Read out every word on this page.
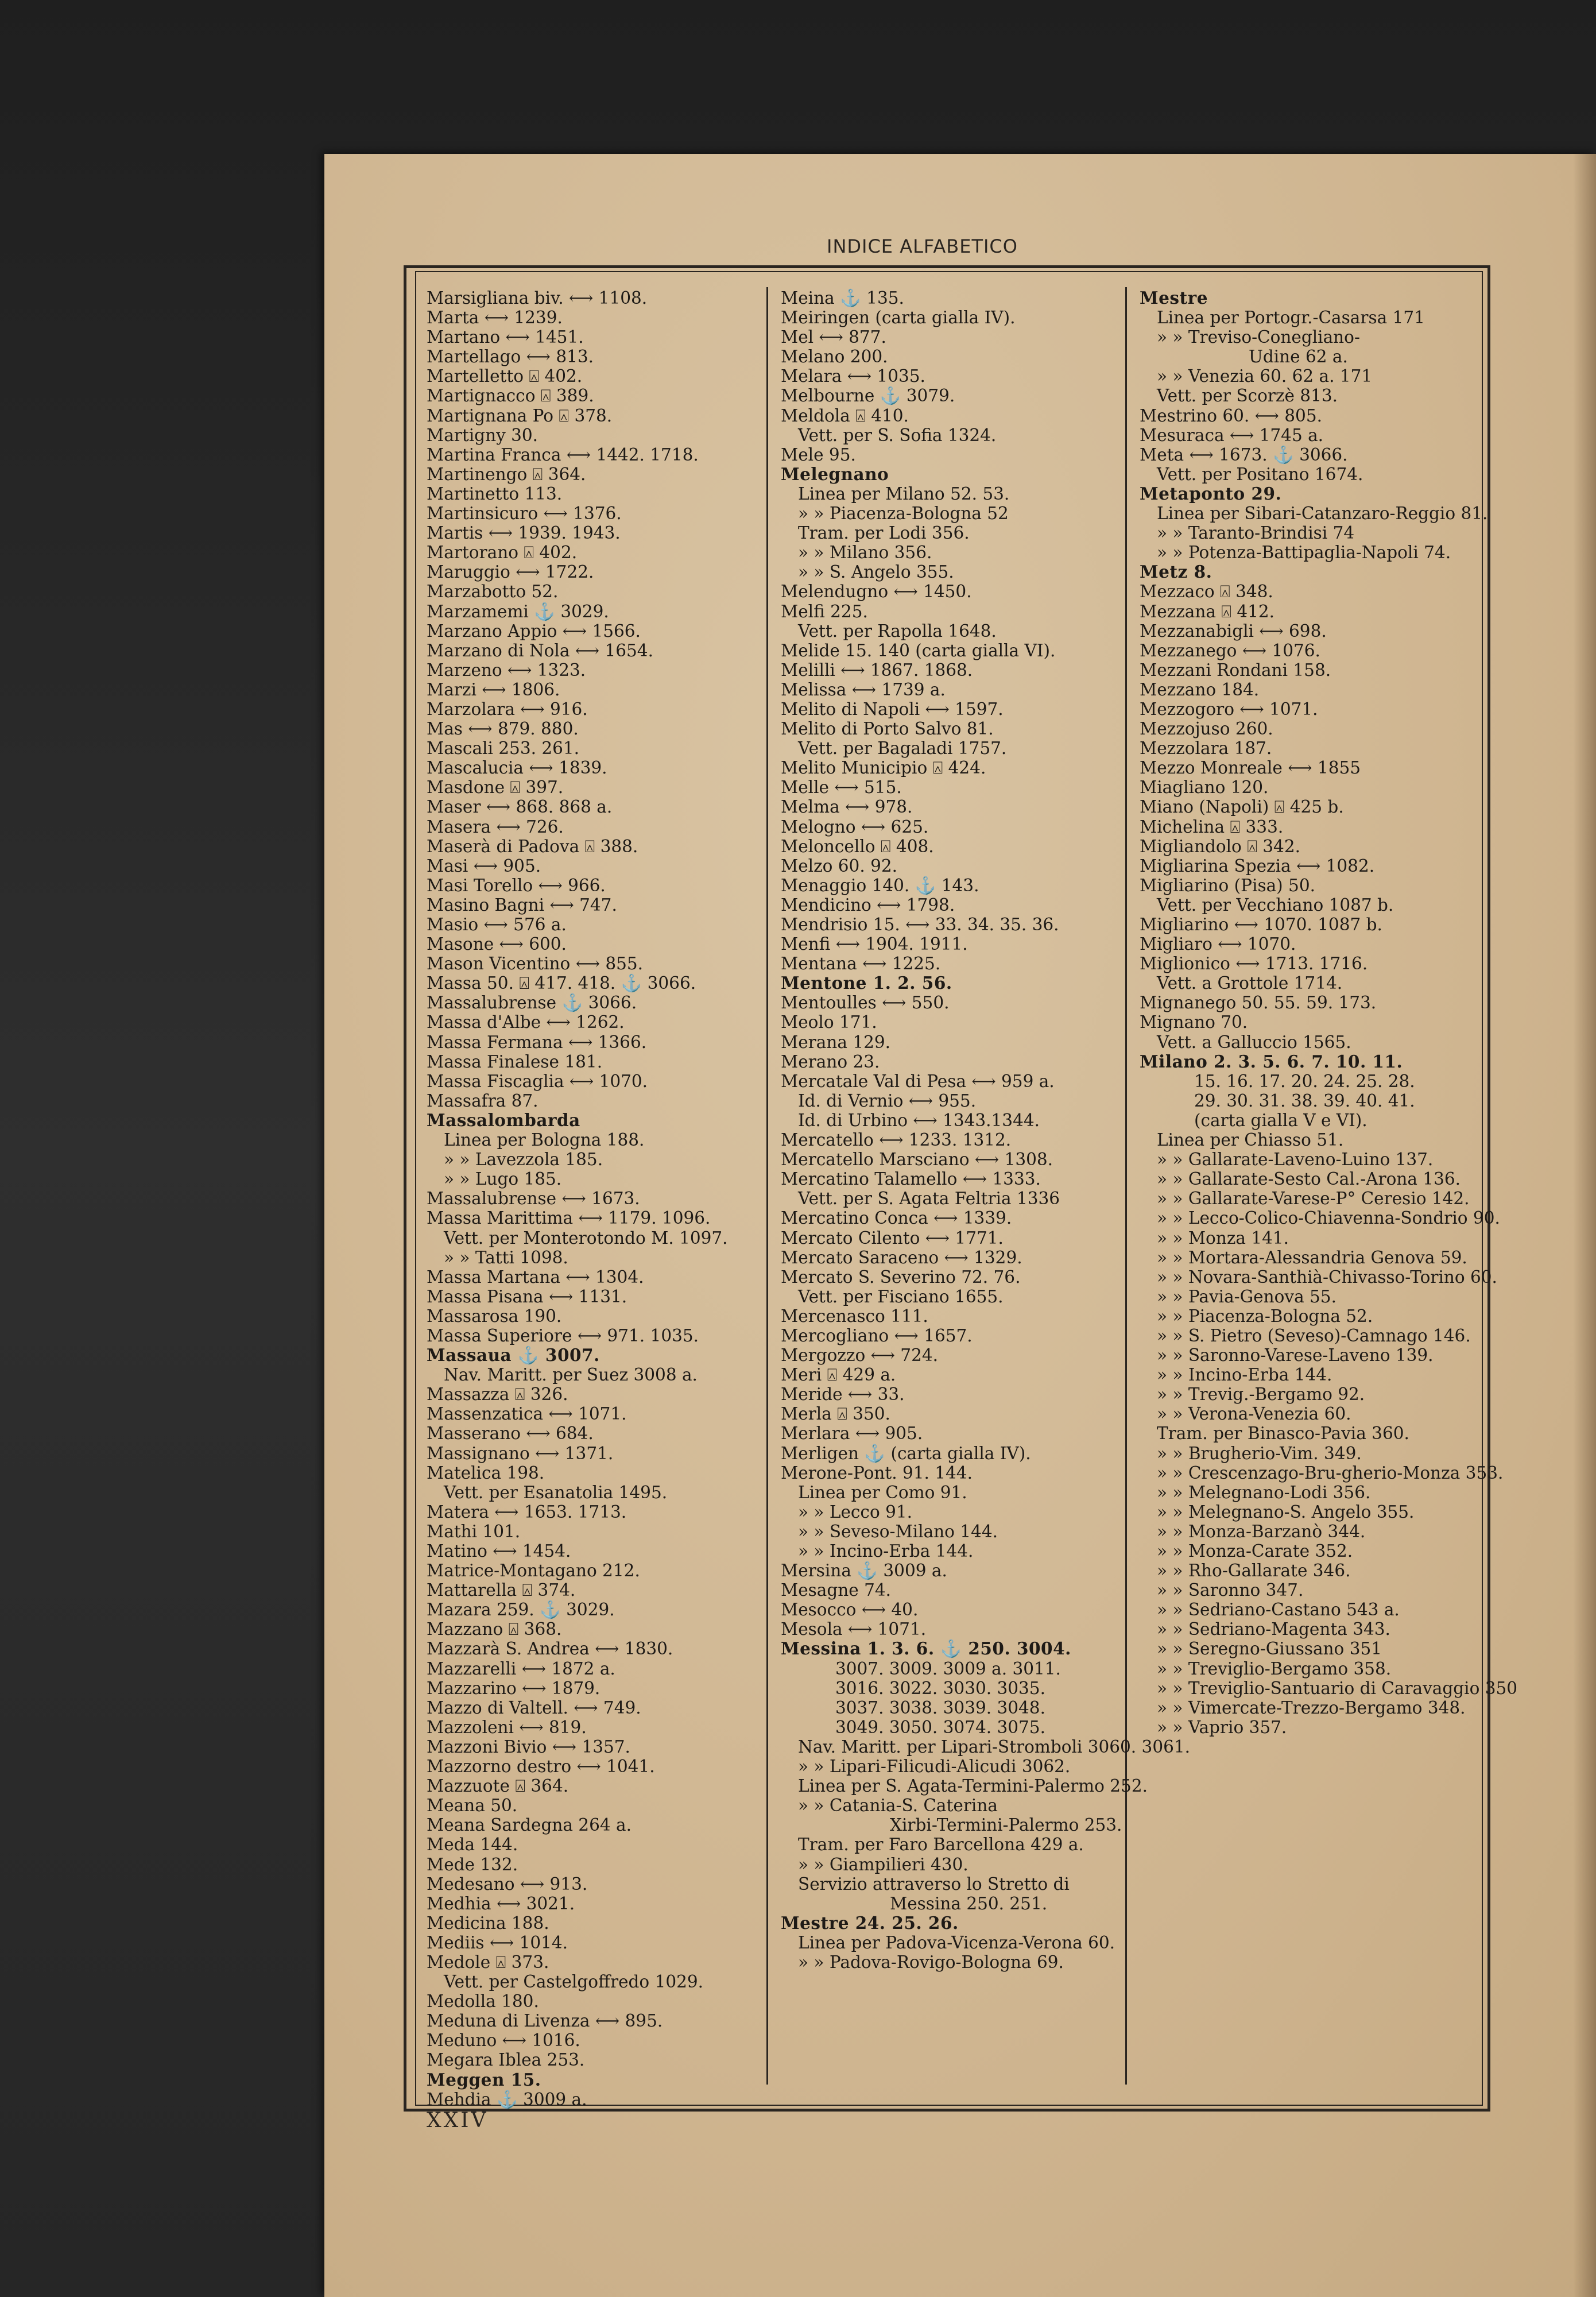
INDICE ALFABETICO
Marsigliana biv. ⟷ 1108.
Marta ⟷ 1239.
Martano ⟷ 1451.
Martellago ⟷ 813.
Martelletto ⍓ 402.
Martignacco ⍓ 389.
Martignana Po ⍓ 378.
Martigny 30.
Martina Franca ⟷ 1442. 1718.
Martinengo ⍓ 364.
Martinetto 113.
Martinsicuro ⟷ 1376.
Martis ⟷ 1939. 1943.
Martorano ⍓ 402.
Maruggio ⟷ 1722.
Marzabotto 52.
Marzamemi ⚓ 3029.
Marzano Appio ⟷ 1566.
Marzano di Nola ⟷ 1654.
Marzeno ⟷ 1323.
Marzi ⟷ 1806.
Marzolara ⟷ 916.
Mas ⟷ 879. 880.
Mascali 253. 261.
Mascalucia ⟷ 1839.
Masdone ⍓ 397.
Maser ⟷ 868. 868 a.
Masera ⟷ 726.
Maserà di Padova ⍓ 388.
Masi ⟷ 905.
Masi Torello ⟷ 966.
Masino Bagni ⟷ 747.
Masio ⟷ 576 a.
Masone ⟷ 600.
Mason Vicentino ⟷ 855.
Massa 50. ⍓ 417. 418. ⚓ 3066.
Massalubrense ⚓ 3066.
Massa d'Albe ⟷ 1262.
Massa Fermana ⟷ 1366.
Massa Finalese 181.
Massa Fiscaglia ⟷ 1070.
Massafra 87.
Massalombarda
Linea per Bologna 188.
» » Lavezzola 185.
» » Lugo 185.
Massalubrense ⟷ 1673.
Massa Marittima ⟷ 1179. 1096.
Vett. per Monterotondo M. 1097.
» » Tatti 1098.
Massa Martana ⟷ 1304.
Massa Pisana ⟷ 1131.
Massarosa 190.
Massa Superiore ⟷ 971. 1035.
Massaua ⚓ 3007.
Nav. Maritt. per Suez 3008 a.
Massazza ⍓ 326.
Massenzatica ⟷ 1071.
Masserano ⟷ 684.
Massignano ⟷ 1371.
Matelica 198.
Vett. per Esanatolia 1495.
Matera ⟷ 1653. 1713.
Mathi 101.
Matino ⟷ 1454.
Matrice-Montagano 212.
Mattarella ⍓ 374.
Mazara 259. ⚓ 3029.
Mazzano ⍓ 368.
Mazzarà S. Andrea ⟷ 1830.
Mazzarelli ⟷ 1872 a.
Mazzarino ⟷ 1879.
Mazzo di Valtell. ⟷ 749.
Mazzoleni ⟷ 819.
Mazzoni Bivio ⟷ 1357.
Mazzorno destro ⟷ 1041.
Mazzuote ⍓ 364.
Meana 50.
Meana Sardegna 264 a.
Meda 144.
Mede 132.
Medesano ⟷ 913.
Medhia ⟷ 3021.
Medicina 188.
Mediis ⟷ 1014.
Medole ⍓ 373.
Vett. per Castelgoffredo 1029.
Medolla 180.
Meduna di Livenza ⟷ 895.
Meduno ⟷ 1016.
Megara Iblea 253.
Meggen 15.
Mehdia ⚓ 3009 a.
Meina ⚓ 135.
Meiringen (carta gialla IV).
Mel ⟷ 877.
Melano 200.
Melara ⟷ 1035.
Melbourne ⚓ 3079.
Meldola ⍓ 410.
Vett. per S. Sofia 1324.
Mele 95.
Melegnano
Linea per Milano 52. 53.
» » Piacenza-Bologna 52
Tram. per Lodi 356.
» » Milano 356.
» » S. Angelo 355.
Melendugno ⟷ 1450.
Melfi 225.
Vett. per Rapolla 1648.
Melide 15. 140 (carta gialla VI).
Melilli ⟷ 1867. 1868.
Melissa ⟷ 1739 a.
Melito di Napoli ⟷ 1597.
Melito di Porto Salvo 81.
Vett. per Bagaladi 1757.
Melito Municipio ⍓ 424.
Melle ⟷ 515.
Melma ⟷ 978.
Melogno ⟷ 625.
Meloncello ⍓ 408.
Melzo 60. 92.
Menaggio 140. ⚓ 143.
Mendicino ⟷ 1798.
Mendrisio 15. ⟷ 33. 34. 35. 36.
Menfi ⟷ 1904. 1911.
Mentana ⟷ 1225.
Mentone 1. 2. 56.
Mentoulles ⟷ 550.
Meolo 171.
Merana 129.
Merano 23.
Mercatale Val di Pesa ⟷ 959 a.
Id. di Vernio ⟷ 955.
Id. di Urbino ⟷ 1343.1344.
Mercatello ⟷ 1233. 1312.
Mercatello Marsciano ⟷ 1308.
Mercatino Talamello ⟷ 1333.
Vett. per S. Agata Feltria 1336
Mercatino Conca ⟷ 1339.
Mercato Cilento ⟷ 1771.
Mercato Saraceno ⟷ 1329.
Mercato S. Severino 72. 76.
Vett. per Fisciano 1655.
Mercenasco 111.
Mercogliano ⟷ 1657.
Mergozzo ⟷ 724.
Meri ⍓ 429 a.
Meride ⟷ 33.
Merla ⍓ 350.
Merlara ⟷ 905.
Merligen ⚓ (carta gialla IV).
Merone-Pont. 91. 144.
Linea per Como 91.
» » Lecco 91.
» » Seveso-Milano 144.
» » Incino-Erba 144.
Mersina ⚓ 3009 a.
Mesagne 74.
Mesocco ⟷ 40.
Mesola ⟷ 1071.
Messina 1. 3. 6. ⚓ 250. 3004.
3007. 3009. 3009 a. 3011.
3016. 3022. 3030. 3035.
3037. 3038. 3039. 3048.
3049. 3050. 3074. 3075.
Nav. Maritt. per Lipari-Stromboli 3060. 3061.
» » Lipari-Filicudi-Alicudi 3062.
Linea per S. Agata-Termini-Palermo 252.
» » Catania-S. Caterina
Xirbi-Termini-Palermo 253.
Tram. per Faro Barcellona 429 a.
» » Giampilieri 430.
Servizio attraverso lo Stretto di
Messina 250. 251.
Mestre 24. 25. 26.
Linea per Padova-Vicenza-Verona 60.
» » Padova-Rovigo-Bologna 69.
Mestre
Linea per Portogr.-Casarsa 171
» » Treviso-Conegliano-
Udine 62 a.
» » Venezia 60. 62 a. 171
Vett. per Scorzè 813.
Mestrino 60. ⟷ 805.
Mesuraca ⟷ 1745 a.
Meta ⟷ 1673. ⚓ 3066.
Vett. per Positano 1674.
Metaponto 29.
Linea per Sibari-Catanzaro-Reggio 81.
» » Taranto-Brindisi 74
» » Potenza-Battipaglia-Napoli 74.
Metz 8.
Mezzaco ⍓ 348.
Mezzana ⍓ 412.
Mezzanabigli ⟷ 698.
Mezzanego ⟷ 1076.
Mezzani Rondani 158.
Mezzano 184.
Mezzogoro ⟷ 1071.
Mezzojuso 260.
Mezzolara 187.
Mezzo Monreale ⟷ 1855
Miagliano 120.
Miano (Napoli) ⍓ 425 b.
Michelina ⍓ 333.
Migliandolo ⍓ 342.
Migliarina Spezia ⟷ 1082.
Migliarino (Pisa) 50.
Vett. per Vecchiano 1087 b.
Migliarino ⟷ 1070. 1087 b.
Migliaro ⟷ 1070.
Miglionico ⟷ 1713. 1716.
Vett. a Grottole 1714.
Mignanego 50. 55. 59. 173.
Mignano 70.
Vett. a Galluccio 1565.
Milano 2. 3. 5. 6. 7. 10. 11.
15. 16. 17. 20. 24. 25. 28.
29. 30. 31. 38. 39. 40. 41.
(carta gialla V e VI).
Linea per Chiasso 51.
» » Gallarate-Laveno-Luino 137.
» » Gallarate-Sesto Cal.-Arona 136.
» » Gallarate-Varese-P° Ceresio 142.
» » Lecco-Colico-Chiavenna-Sondrio 90.
» » Monza 141.
» » Mortara-Alessandria Genova 59.
» » Novara-Santhià-Chivasso-Torino 60.
» » Pavia-Genova 55.
» » Piacenza-Bologna 52.
» » S. Pietro (Seveso)-Camnago 146.
» » Saronno-Varese-Laveno 139.
» » Incino-Erba 144.
» » Trevig.-Bergamo 92.
» » Verona-Venezia 60.
Tram. per Binasco-Pavia 360.
» » Brugherio-Vim. 349.
» » Crescenzago-Bru-gherio-Monza 353.
» » Melegnano-Lodi 356.
» » Melegnano-S. Angelo 355.
» » Monza-Barzanò 344.
» » Monza-Carate 352.
» » Rho-Gallarate 346.
» » Saronno 347.
» » Sedriano-Castano 543 a.
» » Sedriano-Magenta 343.
» » Seregno-Giussano 351
» » Treviglio-Bergamo 358.
» » Treviglio-Santuario di Caravaggio 350
» » Vimercate-Trezzo-Bergamo 348.
» » Vaprio 357.
XXIV
